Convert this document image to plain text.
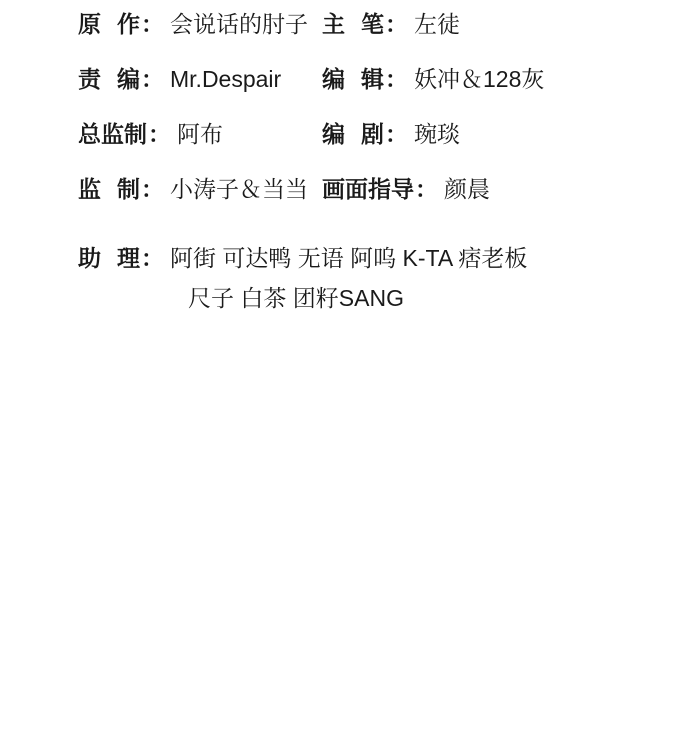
原 作 ： 会说话的肘子 主 笔 ： 左徒
责 编 ： Mr.Despair 编 辑 ： 妖冲＆128灰
总监制 ： 阿布	编 剧 ： 琬琰
监 制 ： 小涛子＆当当 画面指导 ： 颜晨
助 理 ： 阿街 可达鸭 无语 阿呜 K-TA 痞老板
尺子 白茶 团籽SANG
